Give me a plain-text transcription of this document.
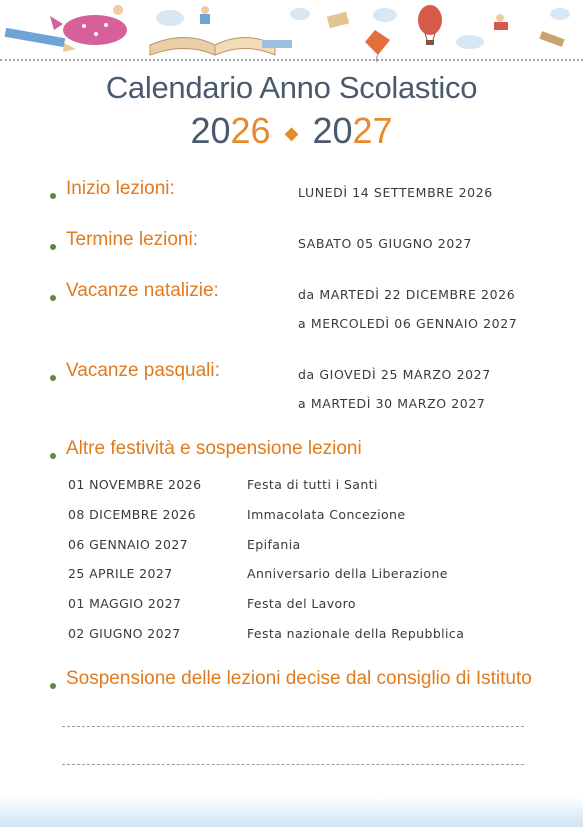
Calendario Anno Scolastico
2026 ◆ 2027
Inizio lezioni:	LUNEDÌ 14 SETTEMBRE 2026
Termine lezioni:	SABATO 05 GIUGNO 2027
Vacanze natalizie:	da MARTEDÌ 22 DICEMBRE 2026
a MERCOLEDÌ 06 GENNAIO 2027
Vacanze pasquali:	da GIOVEDÌ 25 MARZO 2027
a MARTEDÌ 30 MARZO 2027
Altre festività e sospensione lezioni
01 NOVEMBRE 2026	Festa di tutti i Santi
08 DICEMBRE 2026	Immacolata Concezione
06 GENNAIO 2027	Epifania
25 APRILE 2027	Anniversario della Liberazione
01 MAGGIO 2027	Festa del Lavoro
02 GIUGNO 2027	Festa nazionale della Repubblica
Sospensione delle lezioni decise dal consiglio di Istituto
